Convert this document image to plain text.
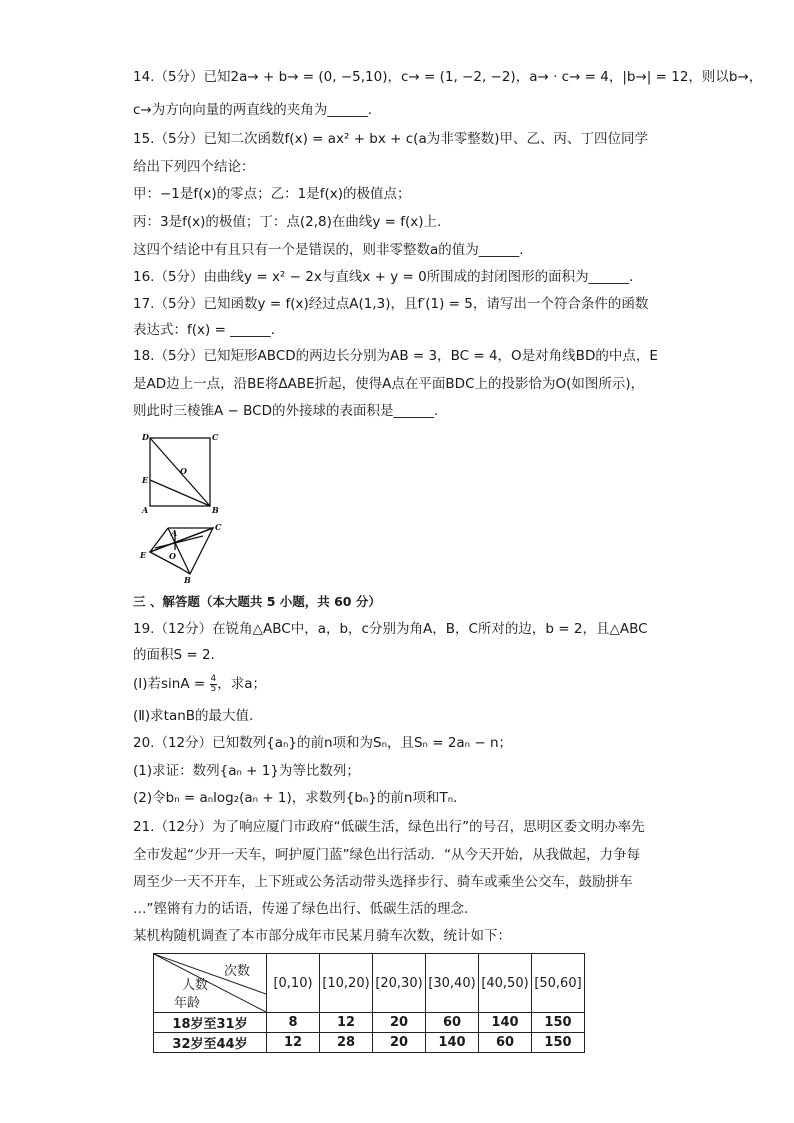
14.（5分）已知2a→ + b→ = (0, −5,10)，c→ = (1, −2, −2)，a→ · c→ = 4，|b→| = 12，则以b→，
c→为方向向量的两直线的夹角为______.
15.（5分）已知二次函数f(x) = ax² + bx + c(a为非零整数)甲、乙、丙、丁四位同学
给出下列四个结论：
甲：−1是f(x)的零点；乙：1是f(x)的极值点；
丙：3是f(x)的极值；丁：点(2,8)在曲线y = f(x)上.
这四个结论中有且只有一个是错误的，则非零整数a的值为______.
16.（5分）由曲线y = x² − 2x与直线x + y = 0所围成的封闭图形的面积为______.
17.（5分）已知函数y = f(x)经过点A(1,3)，且f′(1) = 5，请写出一个符合条件的函数
表达式：f(x) = ______.
18.（5分）已知矩形ABCD的两边长分别为AB = 3，BC = 4，O是对角线BD的中点，E
是AD边上一点，沿BE将ΔABE折起，使得A点在平面BDC上的投影恰为O(如图所示)，
则此时三棱锥A − BCD的外接球的表面积是______.
D	C
O
E
A	B
C
A
E	O
B
三 、解答题（本大题共 5 小题，共 60 分）
19.（12分）在锐角△ABC中，a，b，c分别为角A，B，C所对的边，b = 2，且△ABC
的面积S = 2.
(Ⅰ)若$\sin A = \frac{4}{5}$ ，求a；
(Ⅱ)求tanB的最大值.
20.（12分）已知数列{aₙ}的前n项和为Sₙ，且Sₙ = 2aₙ − n；
(1)求证：数列{aₙ + 1}为等比数列；
(2)令bₙ = aₙlog₂(aₙ + 1)，求数列{bₙ}的前n项和Tₙ.
21.（12分）为了响应厦门市政府“低碳生活，绿色出行”的号召，思明区委文明办率先
全市发起“少开一天车，呵护厦门蓝”绿色出行活动．“从今天开始，从我做起，力争每
周至少一天不开车，上下班或公务活动带头选择步行、骑车或乘坐公交车，鼓励拼车
…”铿锵有力的话语，传递了绿色出行、低碳生活的理念.
某机构随机调查了本市部分成年市民某月骑车次数，统计如下：
次数
人数
年龄	[0,10)	[10,20)	[20,30)	[30,40)	[40,50)	[50,60]
18岁至31岁	8	12	20	60	140	150
32岁至44岁	12	28	20	140	60	150
